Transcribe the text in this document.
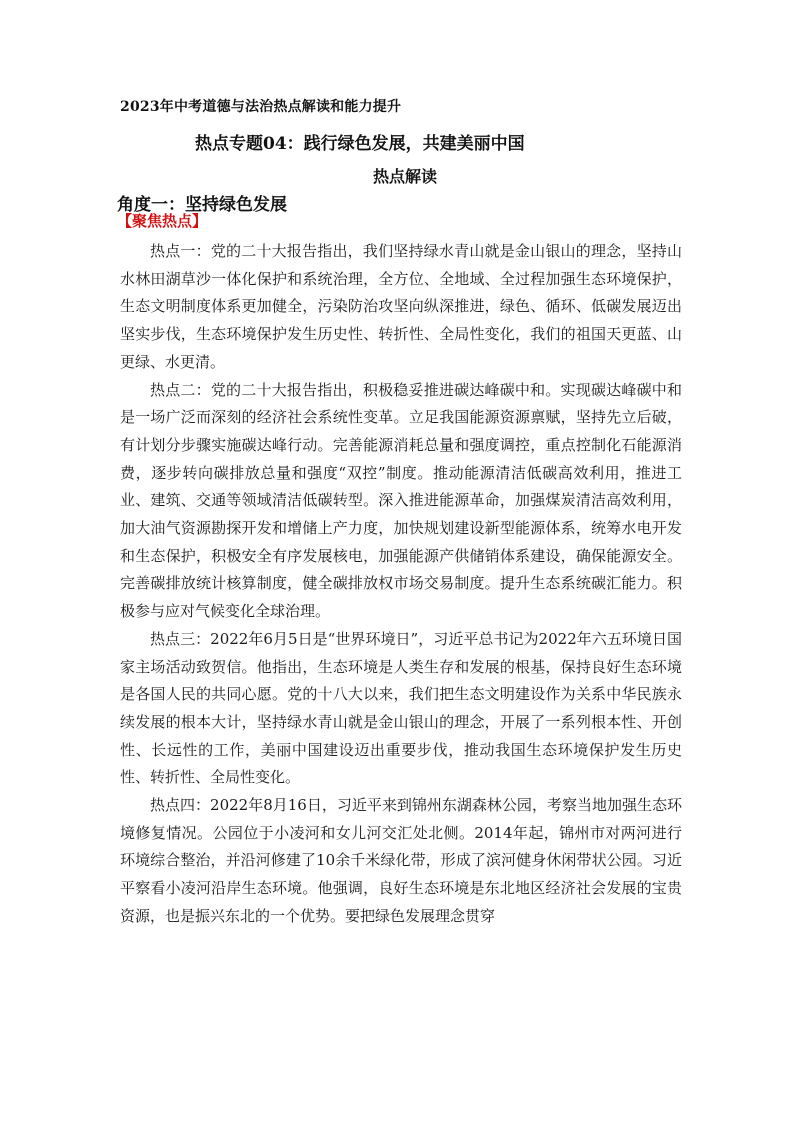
2023年中考道德与法治热点解读和能力提升
热点专题04：践行绿色发展，共建美丽中国
热点解读
角度一：坚持绿色发展
【聚焦热点】

热点一：党的二十大报告指出，我们坚持绿水青山就是金山银山的理念，坚持山水林田湖草沙一体化保护和系统治理，全方位、全地域、全过程加强生态环境保护，生态文明制度体系更加健全，污染防治攻坚向纵深推进，绿色、循环、低碳发展迈出坚实步伐，生态环境保护发生历史性、转折性、全局性变化，我们的祖国天更蓝、山更绿、水更清。

热点二：党的二十大报告指出，积极稳妥推进碳达峰碳中和。实现碳达峰碳中和是一场广泛而深刻的经济社会系统性变革。立足我国能源资源禀赋，坚持先立后破，有计划分步骤实施碳达峰行动。完善能源消耗总量和强度调控，重点控制化石能源消费，逐步转向碳排放总量和强度“双控”制度。推动能源清洁低碳高效利用，推进工业、建筑、交通等领域清洁低碳转型。深入推进能源革命，加强煤炭清洁高效利用，加大油气资源勘探开发和增储上产力度，加快规划建设新型能源体系，统筹水电开发和生态保护，积极安全有序发展核电，加强能源产供储销体系建设，确保能源安全。完善碳排放统计核算制度，健全碳排放权市场交易制度。提升生态系统碳汇能力。积极参与应对气候变化全球治理。

热点三：2022年6月5日是“世界环境日”，习近平总书记为2022年六五环境日国家主场活动致贺信。他指出，生态环境是人类生存和发展的根基，保持良好生态环境是各国人民的共同心愿。党的十八大以来，我们把生态文明建设作为关系中华民族永续发展的根本大计，坚持绿水青山就是金山银山的理念，开展了一系列根本性、开创性、长远性的工作，美丽中国建设迈出重要步伐，推动我国生态环境保护发生历史性、转折性、全局性变化。

热点四：2022年8月16日，习近平来到锦州东湖森林公园，考察当地加强生态环境修复情况。公园位于小凌河和女儿河交汇处北侧。2014年起，锦州市对两河进行环境综合整治，并沿河修建了10余千米绿化带，形成了滨河健身休闲带状公园。习近平察看小凌河沿岸生态环境。他强调，良好生态环境是东北地区经济社会发展的宝贵资源，也是振兴东北的一个优势。要把绿色发展理念贯穿
